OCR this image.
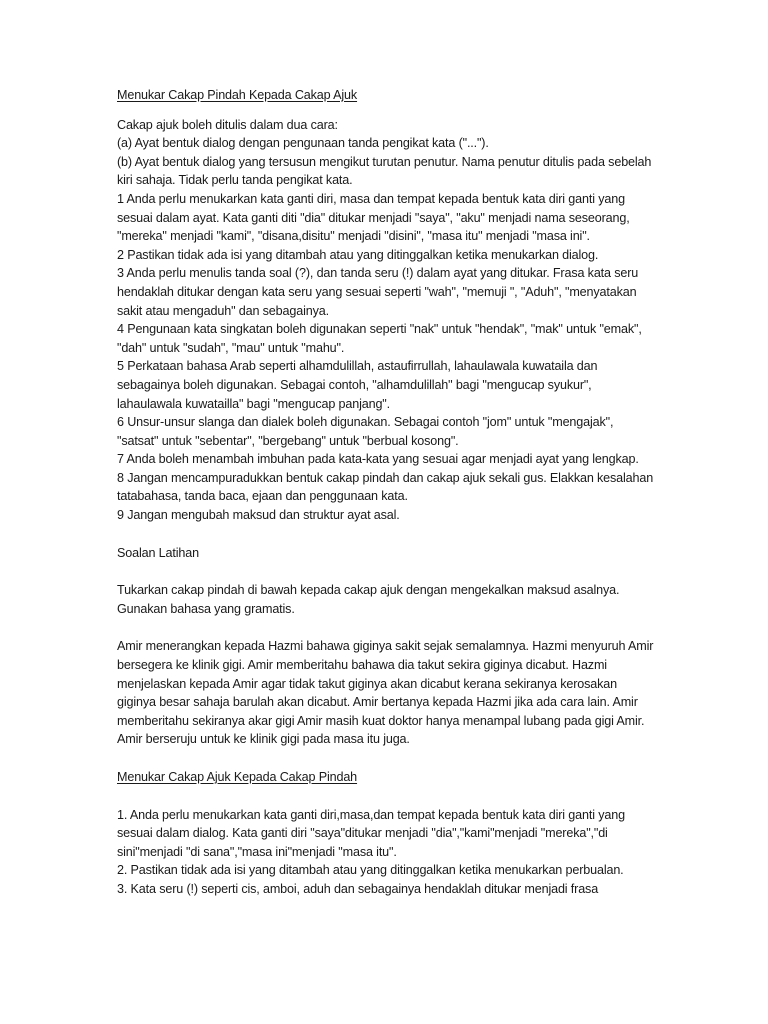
Menukar Cakap Pindah Kepada Cakap Ajuk

Cakap ajuk boleh ditulis dalam dua cara:

(a) Ayat bentuk dialog dengan pengunaan tanda pengikat kata ("...").

(b) Ayat bentuk dialog yang tersusun mengikut turutan penutur. Nama penutur ditulis pada sebelah kiri sahaja. Tidak perlu tanda pengikat kata.

1 Anda perlu menukarkan kata ganti diri, masa dan tempat kepada bentuk kata diri ganti yang sesuai dalam ayat. Kata ganti diti "dia" ditukar menjadi "saya", "aku" menjadi nama seseorang, "mereka" menjadi "kami", "disana,disitu" menjadi "disini", "masa itu" menjadi "masa ini".

2 Pastikan tidak ada isi yang ditambah atau yang ditinggalkan ketika menukarkan dialog.

3 Anda perlu menulis tanda soal (?), dan tanda seru (!) dalam ayat yang ditukar. Frasa kata seru hendaklah ditukar dengan kata seru yang sesuai seperti "wah", "memuji ", "Aduh", "menyatakan sakit atau mengaduh" dan sebagainya.

4 Pengunaan kata singkatan boleh digunakan seperti "nak" untuk "hendak", "mak" untuk "emak", "dah" untuk "sudah", "mau" untuk "mahu".

5 Perkataan bahasa Arab seperti alhamdulillah, astaufirrullah, lahaulawala kuwataila dan sebagainya boleh digunakan. Sebagai contoh, "alhamdulillah" bagi "mengucap syukur", lahaulawala kuwatailla" bagi "mengucap panjang".

6 Unsur-unsur slanga dan dialek boleh digunakan. Sebagai contoh "jom" untuk "mengajak", "satsat" untuk "sebentar", "bergebang" untuk "berbual kosong".

7 Anda boleh menambah imbuhan pada kata-kata yang sesuai agar menjadi ayat yang lengkap.

8 Jangan mencampuradukkan bentuk cakap pindah dan cakap ajuk sekali gus. Elakkan kesalahan tatabahasa, tanda baca, ejaan dan penggunaan kata.

9 Jangan mengubah maksud dan struktur ayat asal.

Soalan Latihan

Tukarkan cakap pindah di bawah kepada cakap ajuk dengan mengekalkan maksud asalnya. Gunakan bahasa yang gramatis.

Amir menerangkan kepada Hazmi bahawa giginya sakit sejak semalamnya. Hazmi menyuruh Amir bersegera ke klinik gigi. Amir memberitahu bahawa dia takut sekira giginya dicabut. Hazmi menjelaskan kepada Amir agar tidak takut giginya akan dicabut kerana sekiranya kerosakan giginya besar sahaja barulah akan dicabut. Amir bertanya kepada Hazmi jika ada cara lain. Amir memberitahu sekiranya akar gigi Amir masih kuat doktor hanya menampal lubang pada gigi Amir. Amir berseruju untuk ke klinik gigi pada masa itu juga.

Menukar Cakap Ajuk Kepada Cakap Pindah

1. Anda perlu menukarkan kata ganti diri,masa,dan tempat kepada bentuk kata diri ganti yang sesuai dalam dialog. Kata ganti diri "saya"ditukar menjadi "dia","kami"menjadi "mereka","di sini"menjadi "di sana","masa ini"menjadi "masa itu".

2. Pastikan tidak ada isi yang ditambah atau yang ditinggalkan ketika menukarkan perbualan.

3. Kata seru (!) seperti cis, amboi, aduh dan sebagainya hendaklah ditukar menjadi frasa
